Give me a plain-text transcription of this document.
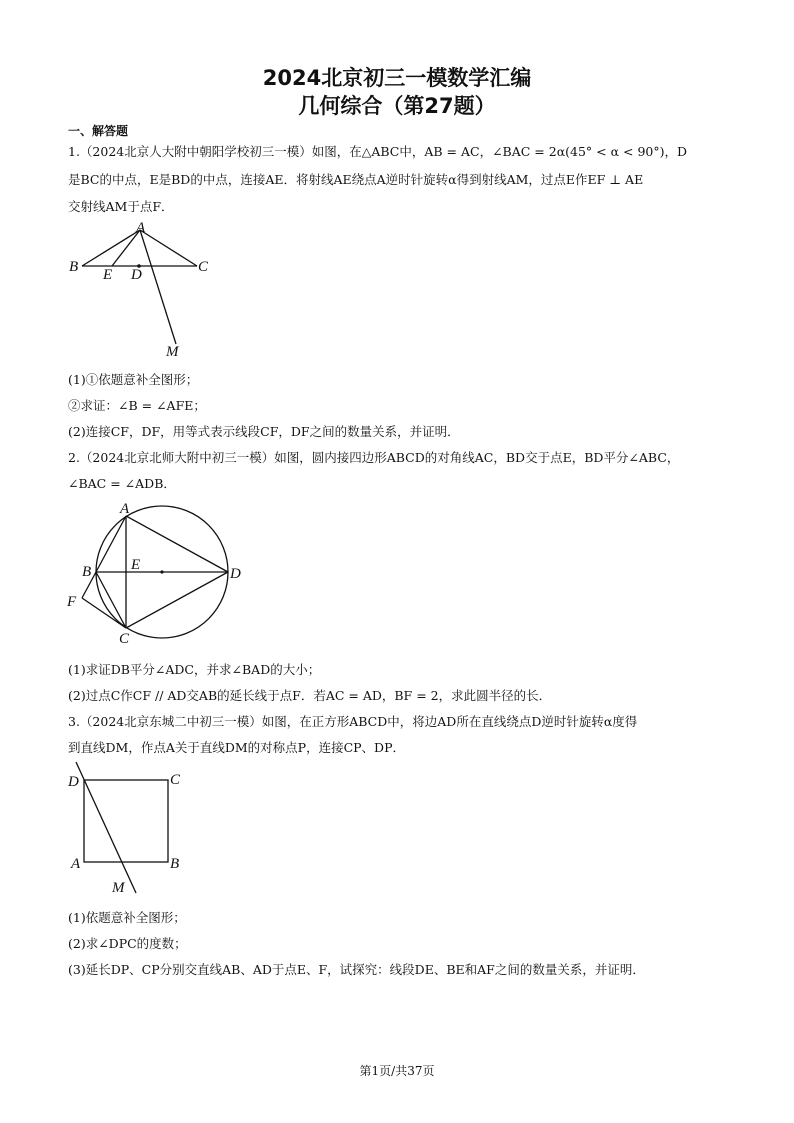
2024北京初三一模数学汇编
几何综合（第27题）
一、解答题
1.（2024北京人大附中朝阳学校初三一模）如图，在△ABC中，AB = AC，∠BAC = 2α(45° < α < 90°)，D
是BC的中点，E是BD的中点，连接AE．将射线AE绕点A逆时针旋转α得到射线AM，过点E作EF ⊥ AE
交射线AM于点F．
A
B	C
E D
M
(1)①依题意补全图形；
②求证：∠B = ∠AFE；
(2)连接CF，DF，用等式表示线段CF，DF之间的数量关系，并证明．
2.（2024北京北师大附中初三一模）如图，圆内接四边形ABCD的对角线AC，BD交于点E，BD平分∠ABC，
∠BAC = ∠ADB．
A
B	E
D
F
C
(1)求证DB平分∠ADC，并求∠BAD的大小；
(2)过点C作CF // AD交AB的延长线于点F．若AC = AD，BF = 2，求此圆半径的长．
3.（2024北京东城二中初三一模）如图，在正方形ABCD中，将边AD所在直线绕点D逆时针旋转α度得
到直线DM，作点A关于直线DM的对称点P，连接CP、DP．
D	C
A	B
M
(1)依题意补全图形；
(2)求∠DPC的度数；
(3)延长DP、CP分别交直线AB、AD于点E、F，试探究：线段DE、BE和AF之间的数量关系，并证明．
第1页/共37页
